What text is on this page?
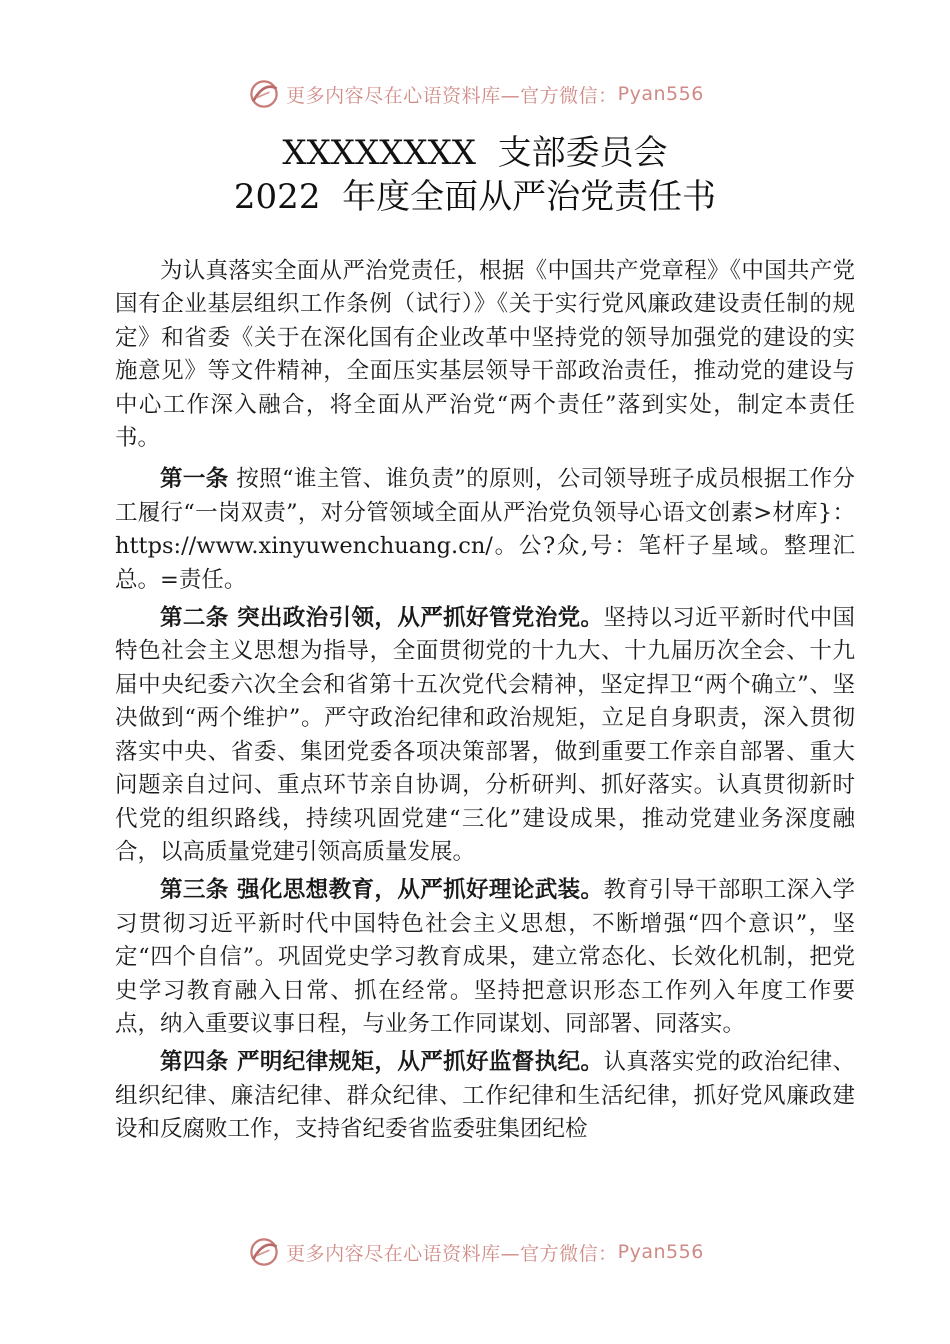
更多内容尽在心语资料库—官方微信： Pyan556
XXXXXXXX  支部委员会
2022  年度全面从严治党责任书

为认真落实全面从严治党责任，根据《中国共产党章程》《中国共产党国有企业基层组织工作条例（试行）》《关于实行党风廉政建设责任制的规定》和省委《关于在深化国有企业改革中坚持党的领导加强党的建设的实施意见》等文件精神，全面压实基层领导干部政治责任，推动党的建设与中心工作深入融合，将全面从严治党“两个责任”落到实处，制定本责任书。

第一条 按照“谁主管、谁负责”的原则，公司领导班子成员根据工作分工履行“一岗双责”，对分管领域全面从严治党负领导心语文创素>材库}：https://www.xinyuwenchuang.cn/。公?众,号：笔杆子星域。整理汇总。=责任。

第二条 突出政治引领，从严抓好管党治党。坚持以习近平新时代中国特色社会主义思想为指导，全面贯彻党的十九大、十九届历次全会、十九届中央纪委六次全会和省第十五次党代会精神，坚定捍卫“两个确立”、坚决做到“两个维护”。严守政治纪律和政治规矩，立足自身职责，深入贯彻落实中央、省委、集团党委各项决策部署，做到重要工作亲自部署、重大问题亲自过问、重点环节亲自协调，分析研判、抓好落实。认真贯彻新时代党的组织路线，持续巩固党建“三化”建设成果，推动党建业务深度融合，以高质量党建引领高质量发展。

第三条 强化思想教育，从严抓好理论武装。教育引导干部职工深入学习贯彻习近平新时代中国特色社会主义思想，不断增强“四个意识”，坚定“四个自信”。巩固党史学习教育成果，建立常态化、长效化机制，把党史学习教育融入日常、抓在经常。坚持把意识形态工作列入年度工作要点，纳入重要议事日程，与业务工作同谋划、同部署、同落实。

第四条 严明纪律规矩，从严抓好监督执纪。认真落实党的政治纪律、组织纪律、廉洁纪律、群众纪律、工作纪律和生活纪律，抓好党风廉政建设和反腐败工作，支持省纪委省监委驻集团纪检

更多内容尽在心语资料库—官方微信： Pyan556
